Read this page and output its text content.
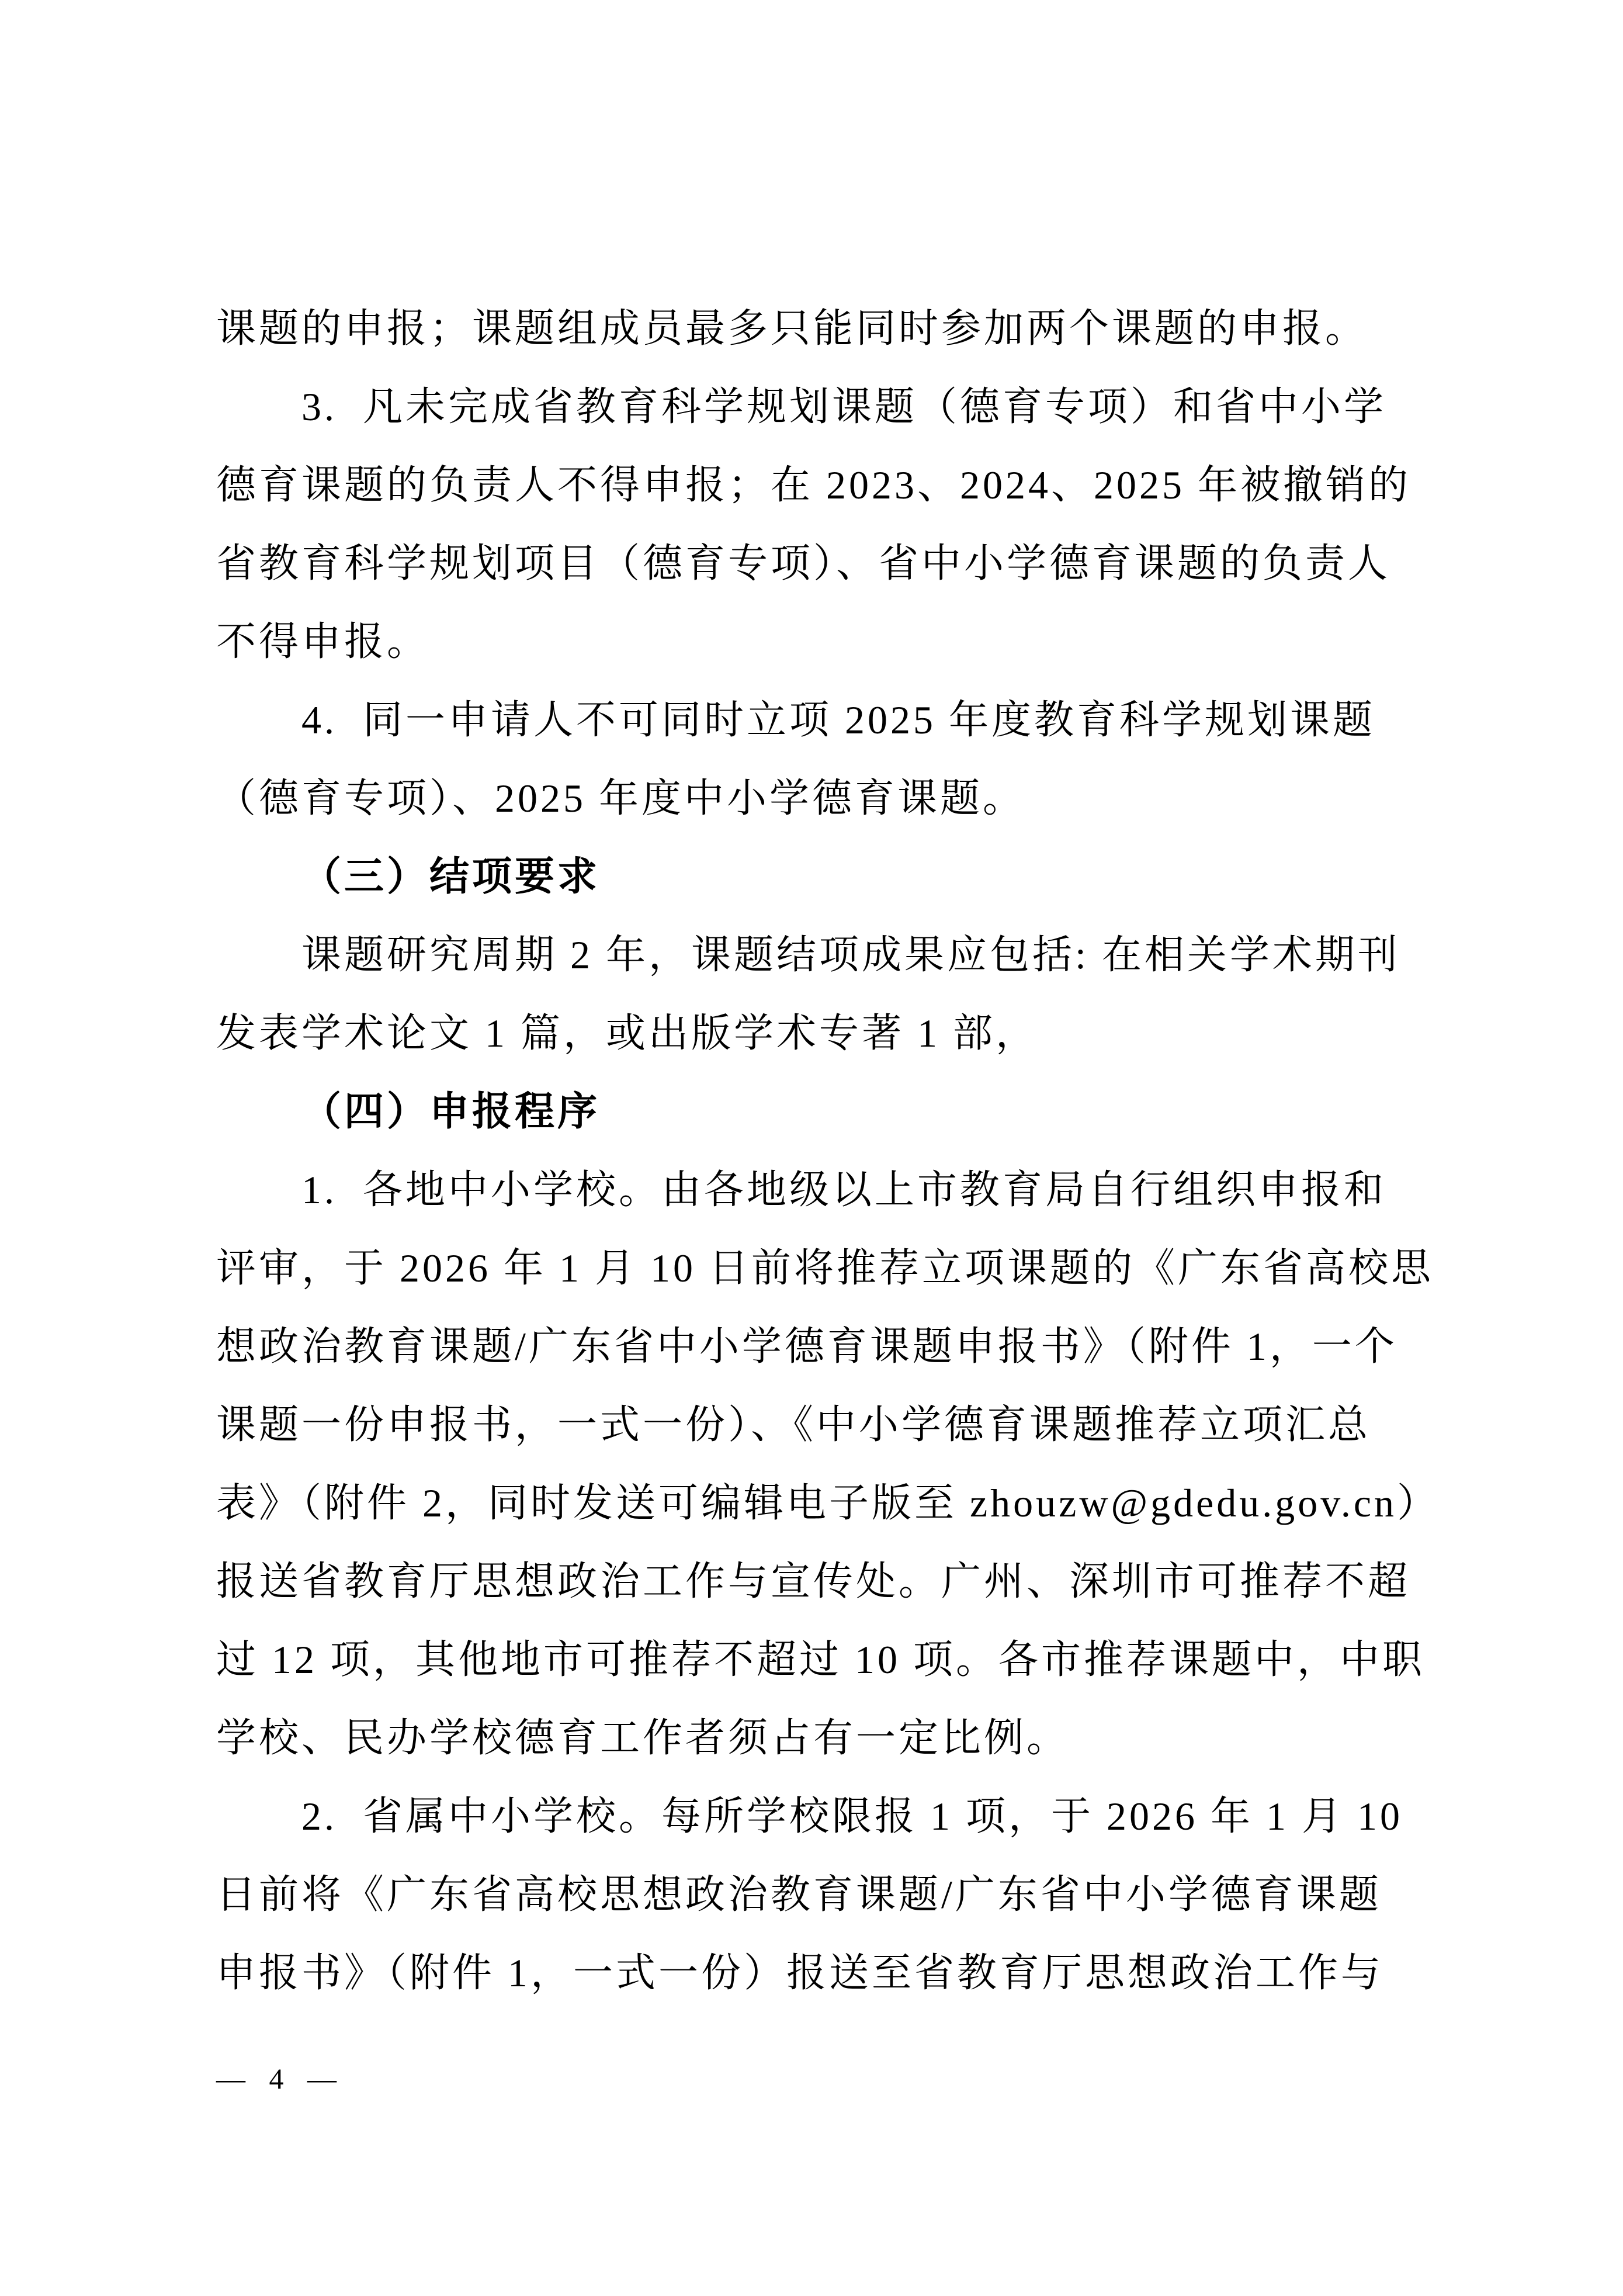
课题的申报；课题组成员最多只能同时参加两个课题的申报。
3.  凡未完成省教育科学规划课题（德育专项）和省中小学
德育课题的负责人不得申报；在 2023、2024、2025 年被撤销的
省教育科学规划项目（德育专项）、省中小学德育课题的负责人
不得申报。
4.  同一申请人不可同时立项 2025 年度教育科学规划课题
（德育专项）、2025 年度中小学德育课题。
（三）结项要求
课题研究周期 2 年，课题结项成果应包括: 在相关学术期刊
发表学术论文 1 篇，或出版学术专著 1 部，
（四）申报程序
1.  各地中小学校。由各地级以上市教育局自行组织申报和
评审，于 2026 年 1 月 10 日前将推荐立项课题的《广东省高校思
想政治教育课题/广东省中小学德育课题申报书》（附件 1，一个
课题一份申报书，一式一份）、《中小学德育课题推荐立项汇总
表》（附件 2，同时发送可编辑电子版至 zhouzw@gdedu.gov.cn）
报送省教育厅思想政治工作与宣传处。广州、深圳市可推荐不超
过 12 项，其他地市可推荐不超过 10 项。各市推荐课题中，中职
学校、民办学校德育工作者须占有一定比例。
2.  省属中小学校。每所学校限报 1 项，于 2026 年 1 月 10
日前将《广东省高校思想政治教育课题/广东省中小学德育课题
申报书》（附件 1，一式一份）报送至省教育厅思想政治工作与
— 4 —
